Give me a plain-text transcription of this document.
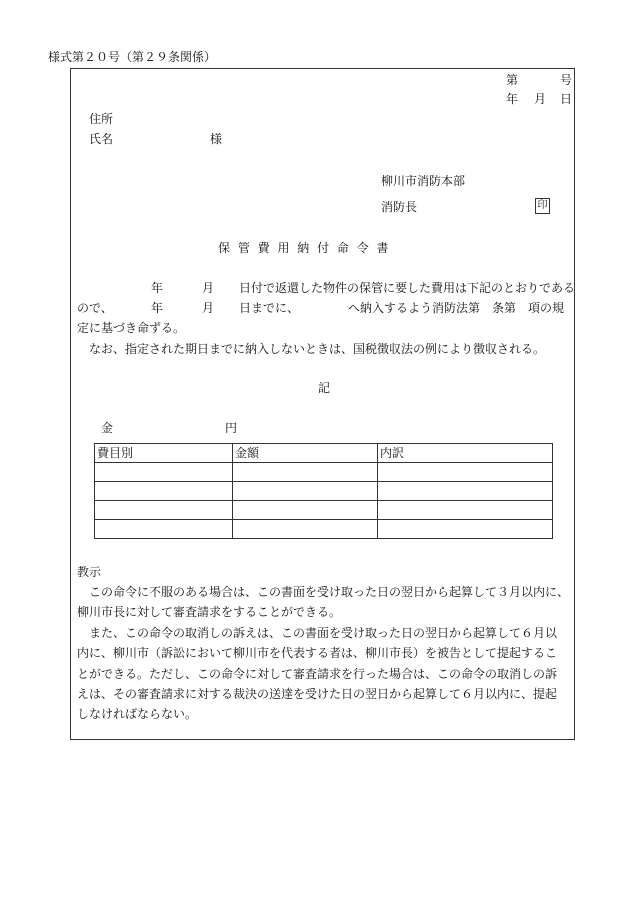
様式第２０号（第２９条関係）
第	号
年 月 日
住所
氏名	様
柳川市消防本部
消防長	印
保 管 費 用 納 付 命 令 書
年	月 日付で返還した物件の保管に要した費用は下記のとおりである
ので、	年	月 日までに、	へ納入するよう消防法第　条第　項の規
定に基づき命ずる。
なお、指定された期日までに納入しないときは、国税徴収法の例により徴収される。
記
金	円
費目別	金額	内訳

教示
この命令に不服のある場合は、この書面を受け取った日の翌日から起算して３月以内に、
柳川市長に対して審査請求をすることができる。
また、この命令の取消しの訴えは、この書面を受け取った日の翌日から起算して６月以
内に、柳川市（訴訟において柳川市を代表する者は、柳川市長）を被告として提起するこ
とができる。ただし、この命令に対して審査請求を行った場合は、この命令の取消しの訴
えは、その審査請求に対する裁決の送達を受けた日の翌日から起算して６月以内に、提起
しなければならない。
